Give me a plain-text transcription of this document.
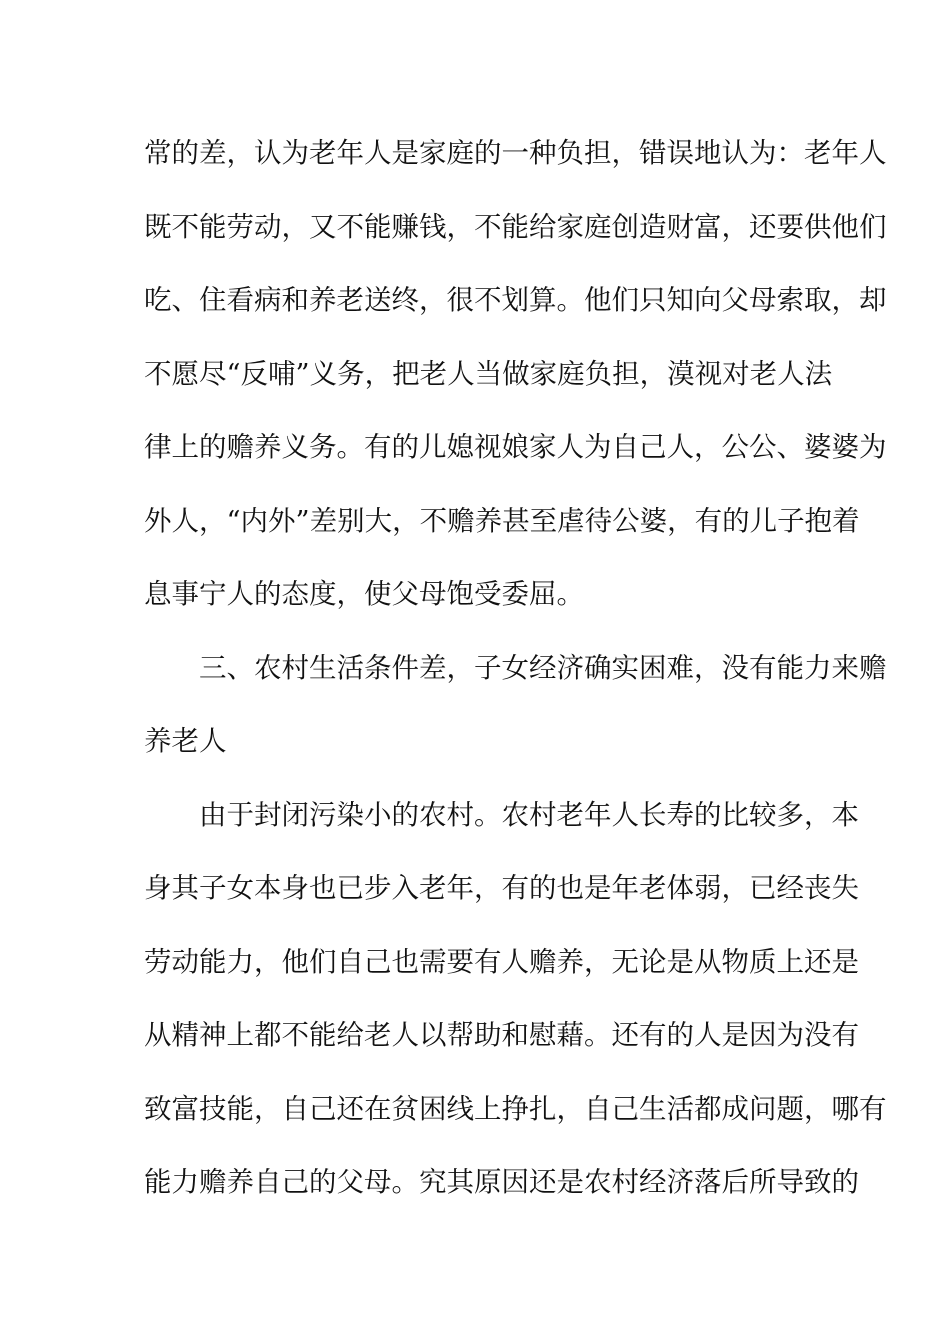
常的差，认为老年人是家庭的一种负担，错误地认为：老年人
既不能劳动，又不能赚钱，不能给家庭创造财富，还要供他们
吃、住看病和养老送终，很不划算。他们只知向父母索取，却
不愿尽“反哺”义务，把老人当做家庭负担，漠视对老人法
律上的赡养义务。有的儿媳视娘家人为自己人，公公、婆婆为
外人，“内外”差别大，不赡养甚至虐待公婆，有的儿子抱着
息事宁人的态度，使父母饱受委屈。
三、农村生活条件差，子女经济确实困难，没有能力来赡
养老人
由于封闭污染小的农村。农村老年人长寿的比较多，本
身其子女本身也已步入老年，有的也是年老体弱，已经丧失
劳动能力，他们自己也需要有人赡养，无论是从物质上还是
从精神上都不能给老人以帮助和慰藉。还有的人是因为没有
致富技能，自己还在贫困线上挣扎，自己生活都成问题，哪有
能力赡养自己的父母。究其原因还是农村经济落后所导致的
